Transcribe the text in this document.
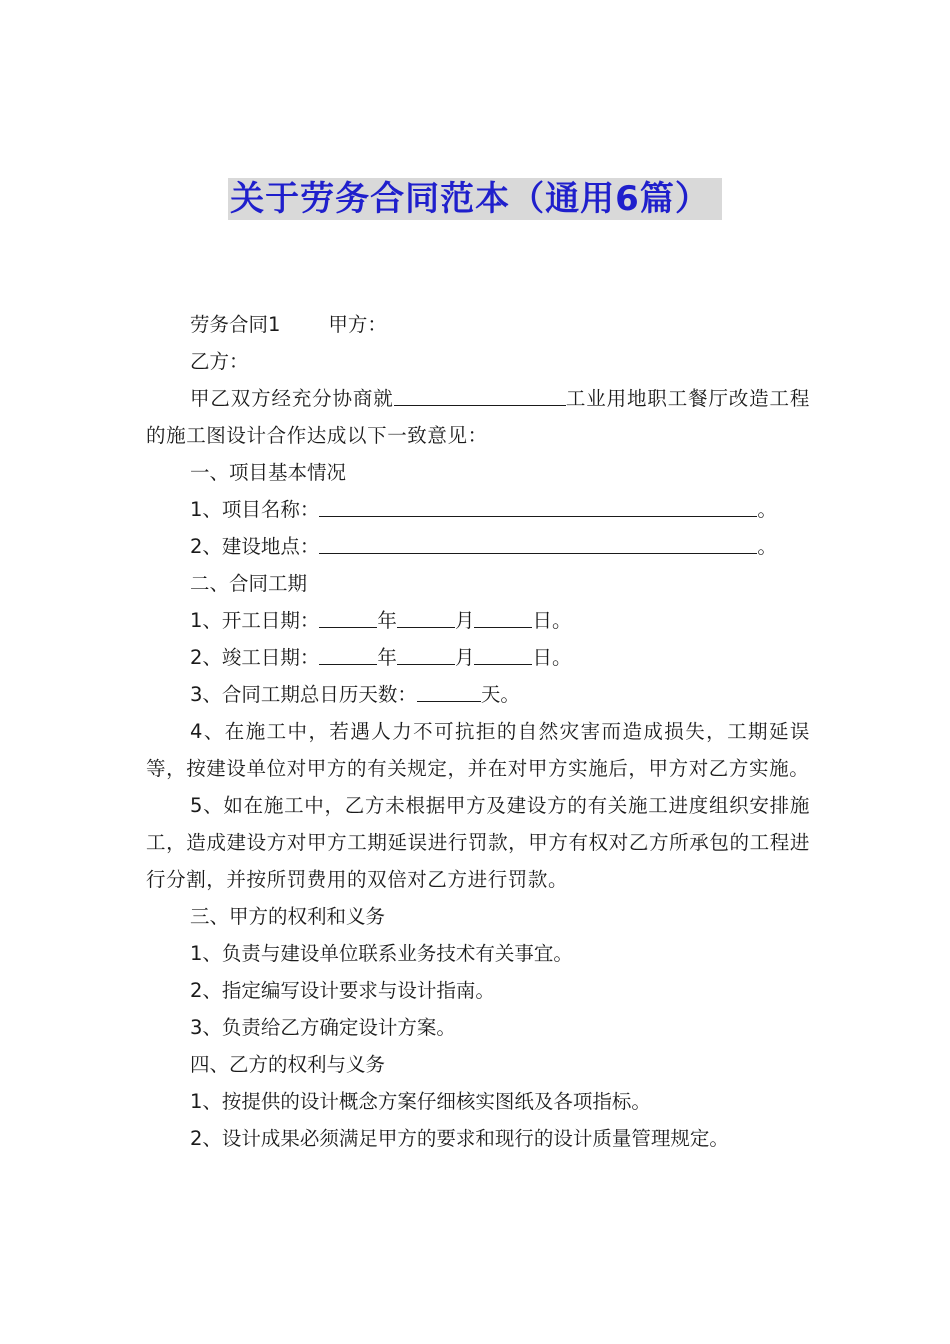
关于劳务合同范本（通用6篇）

劳务合同1 甲方：

乙方：

甲乙双方经充分协商就	工业用地职工餐厅改造工程的施工图设计合作达成以下一致意见：

一、项目基本情况

1、项目名称：	。

2、建设地点：	。

二、合同工期

1、开工日期：	年	月	日。

2、竣工日期：	年	月	日。

3、合同工期总日历天数：	天。

4、在施工中，若遇人力不可抗拒的自然灾害而造成损失，工期延误等，按建设单位对甲方的有关规定，并在对甲方实施后，甲方对乙方实施。

5、如在施工中，乙方未根据甲方及建设方的有关施工进度组织安排施工，造成建设方对甲方工期延误进行罚款，甲方有权对乙方所承包的工程进行分割，并按所罚费用的双倍对乙方进行罚款。

三、甲方的权利和义务

1、负责与建设单位联系业务技术有关事宜。

2、指定编写设计要求与设计指南。

3、负责给乙方确定设计方案。

四、乙方的权利与义务

1、按提供的设计概念方案仔细核实图纸及各项指标。

2、设计成果必须满足甲方的要求和现行的设计质量管理规定。
